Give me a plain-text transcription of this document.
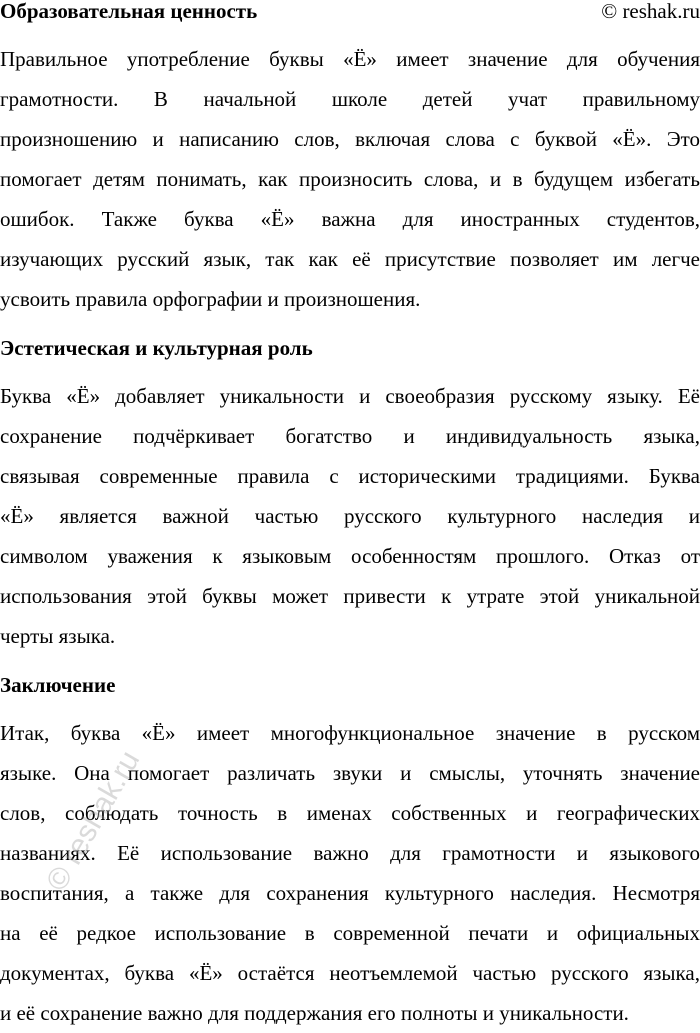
Образовательная ценность	© reshak.ru
Правильное употребление буквы «Ё» имеет значение для обучения
грамотности. В начальной школе детей учат правильному
произношению и написанию слов, включая слова с буквой «Ё». Это
помогает детям понимать, как произносить слова, и в будущем избегать
ошибок. Также буква «Ё» важна для иностранных студентов,
изучающих русский язык, так как её присутствие позволяет им легче
усвоить правила орфографии и произношения.
Эстетическая и культурная роль
Буква «Ё» добавляет уникальности и своеобразия русскому языку. Её
сохранение подчёркивает богатство и индивидуальность языка,
связывая современные правила с историческими традициями. Буква
«Ё» является важной частью русского культурного наследия и
символом уважения к языковым особенностям прошлого. Отказ от
использования этой буквы может привести к утрате этой уникальной
черты языка.
Заключение
Итак, буква «Ё» имеет многофункциональное значение в русском
языке. Она помогает различать звуки и смыслы, уточнять значение
слов, соблюдать точность в именах собственных и географических
названиях. Её использование важно для грамотности и языкового
воспитания, а также для сохранения культурного наследия. Несмотря
на её редкое использование в современной печати и официальных
документах, буква «Ё» остаётся неотъемлемой частью русского языка,
и её сохранение важно для поддержания его полноты и уникальности.
© reshak.ru
